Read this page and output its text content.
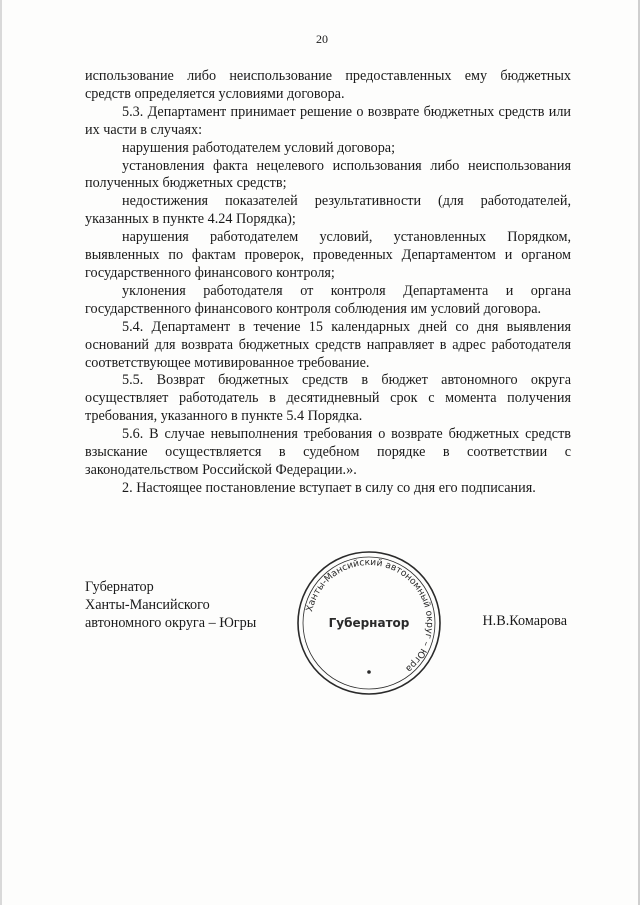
20

использование либо неиспользование предоставленных ему бюджетных средств определяется условиями договора.

5.3. Департамент принимает решение о возврате бюджетных средств или их части в случаях:

нарушения работодателем условий договора;

установления факта нецелевого использования либо неиспользования полученных бюджетных средств;

недостижения показателей результативности (для работодателей, указанных в пункте 4.24 Порядка);

нарушения работодателем условий, установленных Порядком, выявленных по фактам проверок, проведенных Департаментом и органом государственного финансового контроля;

уклонения работодателя от контроля Департамента и органа государственного финансового контроля соблюдения им условий договора.

5.4. Департамент в течение 15 календарных дней со дня выявления оснований для возврата бюджетных средств направляет в адрес работодателя соответствующее мотивированное требование.

5.5. Возврат бюджетных средств в бюджет автономного округа осуществляет работодатель в десятидневный срок с момента получения требования, указанного в пункте 5.4 Порядка.

5.6. В случае невыполнения требования о возврате бюджетных средств взыскание осуществляется в судебном порядке в соответствии с законодательством Российской Федерации.».

2. Настоящее постановление вступает в силу со дня его подписания.

Губернатор
Ханты-Мансийского
автономного округа – Югры
Ханты-Мансийский автономный округ – Югра
Губернатор	Н.В.Комарова
